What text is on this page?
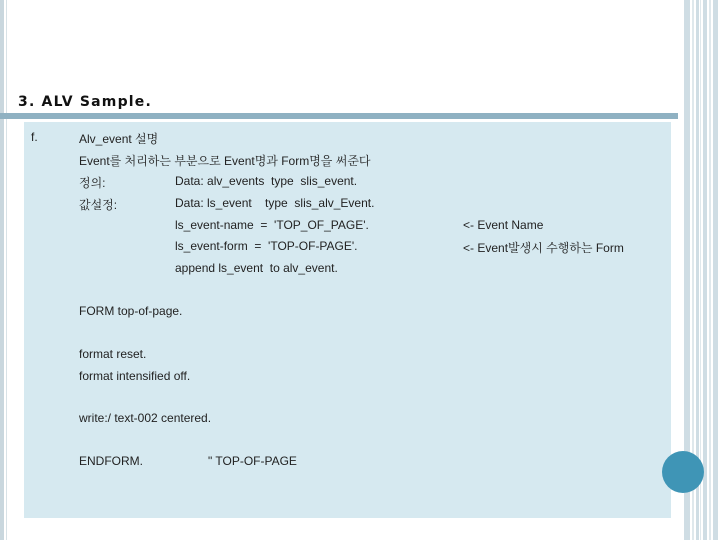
3. ALV Sample.
f.	Alv_event 설명
Event를 처리하는 부분으로 Event명과 Form명을 써준다
정의:	Data: alv_events  type  slis_event.
값설정:	Data: ls_event    type  slis_alv_Event.
ls_event-name  =  'TOP_OF_PAGE'.	<- Event Name
ls_event-form  =  'TOP-OF-PAGE'.	<- Event발생시 수행하는 Form
append ls_event  to alv_event.
FORM top-of-page.
format reset.
format intensified off.
write:/ text-002 centered.
ENDFORM.	" TOP-OF-PAGE
